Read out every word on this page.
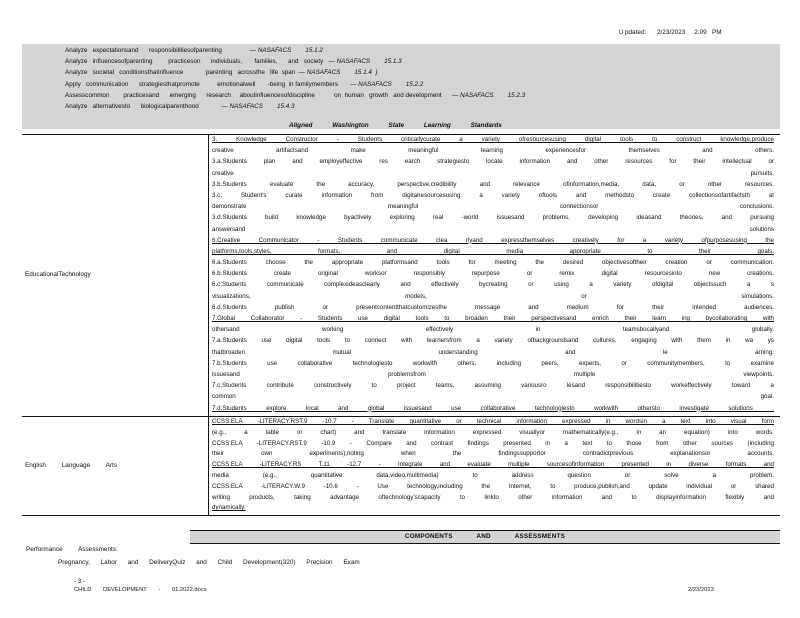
U pdated: 2/23/2023 2:09   PM

Analyze   expectationsand      responsibilitiesofparenting                — NASAFACS        15.1.2
Analyze   influencesofparenting         practiceson      individuals,       families,      and   society   — NASAFACS        15.1.3
Analyze   societal   conditionsthatinfluence             parenting   acrossthe   life  span  — NASAFACS        15.1.4  )
Apply   communication      strategiesthatpromote          emotionalwell       -being  in familymembers       — NASAFACS        15.2.2
Assesscommon        practicesand      emerging      research     aboutinfluencesofdiscipline           on  human   growth   and development      — NASAFACS        15.2.3
Analyze   alternativesto      biologicalparenthood             — NASAFACS        15.4.3
Aligned Washington State Learning Standards
EducationalTechnology
3. Knowledge Constructor - Students criticallycurate a variety ofresourcesusing digital tools to construct knowledge,produce
creative artifactsand make meaningful learning experiencesfor themselves and others.
3.a.Students plan and employeffective res earch strategiesto locate information and other resources for their intellectual or
creative pursuits.
3.b.Students evaluate the accuracy, perspective,credibility and relevance ofinformation,media, data, or other resources.
3.c. Student's curate information from digitalresourcesusing a variety oftools and methodsto create collectionsofartifactsth at
demonstrate meaningful connectionsor conclusions.
3.d.Students build knowledge byactively exploring real -world issuesand problems, developing ideasand theories, and pursuing
answersand solutions
6.Creative Communicator - Students communicate clea rlyand expressthemselves creatively for a variety ofpurposesusing the
platforms,tools,styles, formats, and digital media appropriate to their goals.
6.a.Students choose the appropriate platformsand tools for meeting the desired objectivesoftheir creation or communication.
6.b.Students create original worksor responsibly repurpose or remix digital resourcesinto new creations.
6.c.Students communicate complexideasclearly and effectively bycreating or using a variety ofdigital objectssuch a s
visualizations, models, or simulations.
6.d.Students publish or presentcontentthatcustomizesthe message and medium for their intended audiences.
7.Global Collaborator - Students use digital tools to broaden their perspectivesand enrich their learn ing bycollaborating with
othersand working effectively in teamsbocallyand globally.
7.a.Students use digital tools to connect with learnersfrom a variety ofbackgroundsand cultures, engaging with them in wa ys
thatbroaden mutual understanding and le arning.
7.b.Students use collaborative technologiesto workwith others, including peers, experts, or communitymembers, to examine
issuesand problemsfrom multiple viewpoints.
7.c.Students contribute constructively to project teams, assuming variousro lesand responsibilitiesto workeffectively toward a
common goal.
7.d.Students explore local and global issuesand use collaborative technologiesto workwith othersto investigate solutions .
English Language Arts
CCSS.ELA -LITERACY.RST.9 -10.7 - Translate quantitative or technical information expressed in wordsin a text into visual form
(e.g., a table or chart) and translate information expressed visuallyor mathematically(e.g., in an equation) into words.
CCSS.ELA -LITERACY.RST.9 -10.9 - Compare and contrast findings presented in a text to those from other sources (including
their own experiments),noting when the findingssupportor contradictprevious explanationsor accounts.
CCSS.ELA -LITERACY.RS T.11 -12.7 - Integrate and evaluate multiple sourcesofinformation presented in diverse formats and
media (e.g., quantitative data,video,multimedia) to address question or solve a problem.
CCSS.ELA -LITERACY.W.9 -10.6 - Use technology,including the Internet, to produce,publish,and update individual or shared
writing products, taking advantage oftechnology'scapacity to linkto other information and to displayinformation flexibly and
dynamically.
COMPONENTS AND ASSESSMENTS
Performance Assessments:
Pregnancy, Labor and DeliveryQuiz and Child Development(320) Precision Exam
- 3 -
CHILD DEVELOPMENT - 01.2022.docx	2/23/2023
